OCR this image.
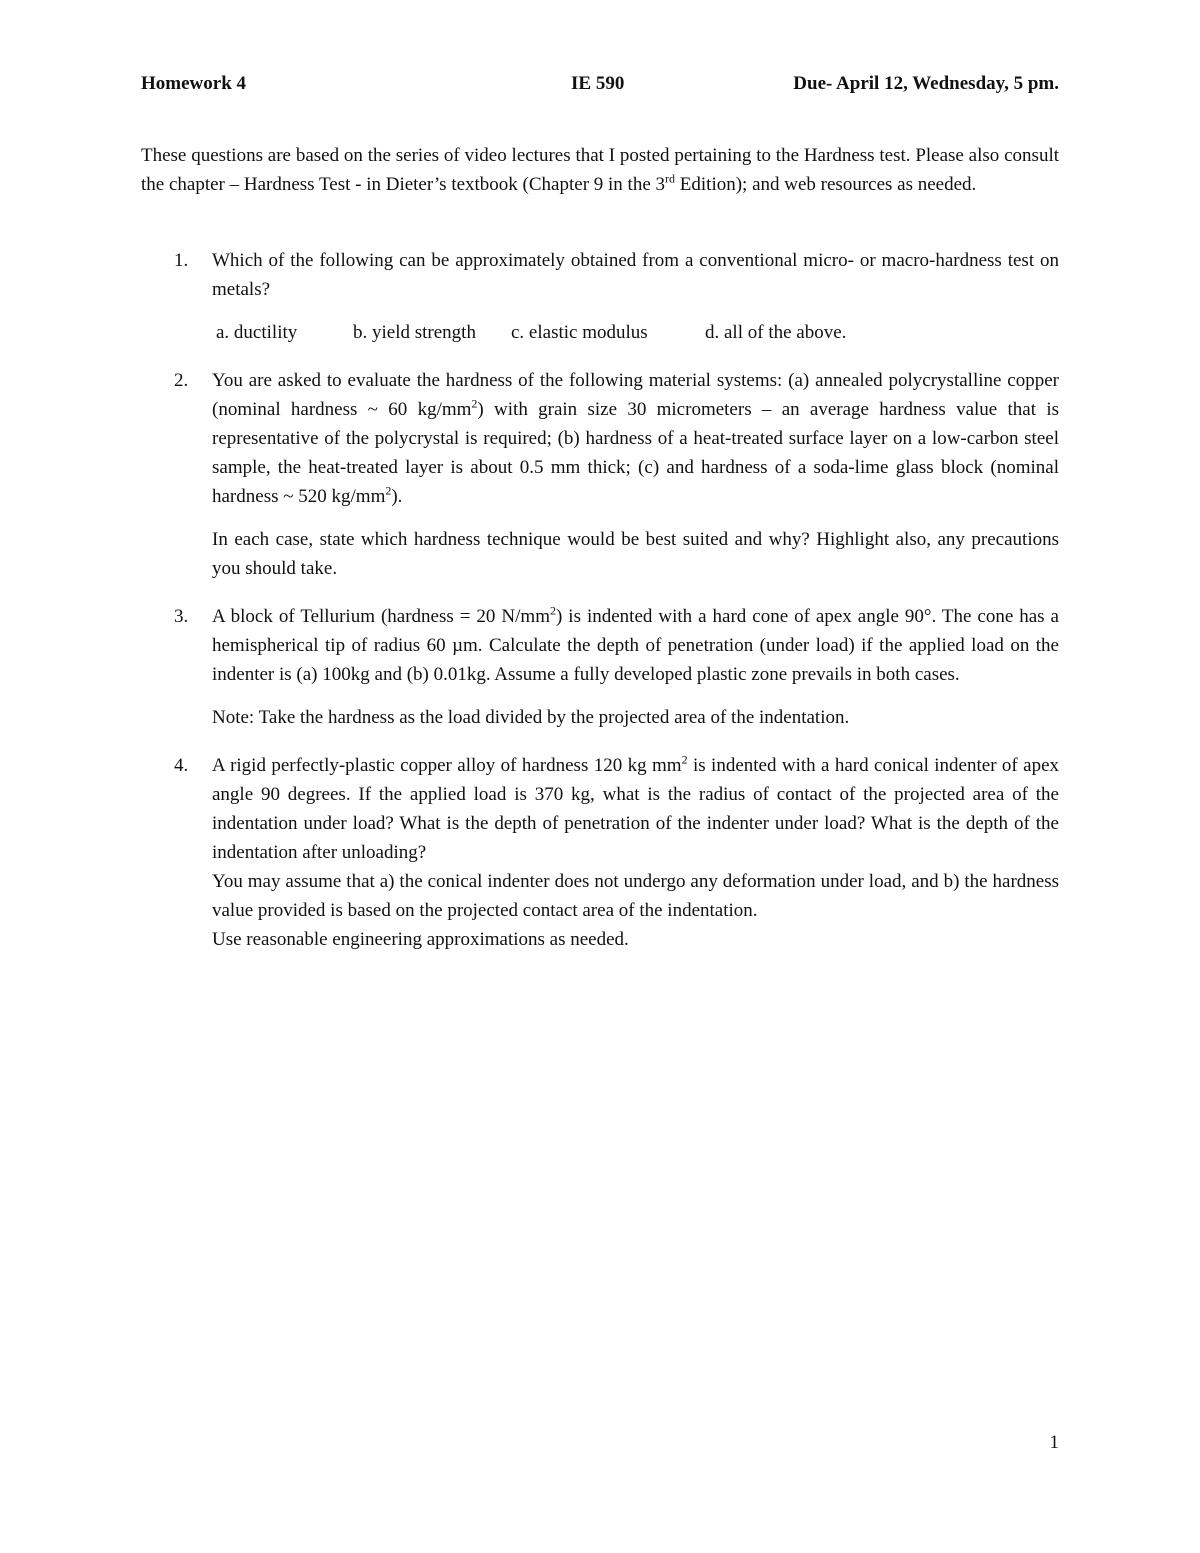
Homework 4	IE 590	Due- April 12, Wednesday, 5 pm.

These questions are based on the series of video lectures that I posted pertaining to the Hardness test. Please also consult the chapter – Hardness Test - in Dieter’s textbook (Chapter 9 in the 3rd Edition); and web resources as needed.

1. Which of the following can be approximately obtained from a conventional micro- or macro-hardness test on metals?

a. ductility	b. yield strength c. elastic modulus	d. all of the above.

2. You are asked to evaluate the hardness of the following material systems: (a) annealed polycrystalline copper (nominal hardness ~ 60 $kg/mm^2$) with grain size 30 micrometers – an average hardness value that is representative of the polycrystal is required; (b) hardness of a heat-treated surface layer on a low-carbon steel sample, the heat-treated layer is about 0.5 mm thick; (c) and hardness of a soda-lime glass block (nominal hardness ~ 520 $kg/mm^2$).

In each case, state which hardness technique would be best suited and why? Highlight also, any precautions you should take.

3. A block of Tellurium (hardness = 20 $N/mm^2$) is indented with a hard cone of apex angle 90°. The cone has a hemispherical tip of radius 60 µm. Calculate the depth of penetration (under load) if the applied load on the indenter is (a) 100kg and (b) 0.01kg. Assume a fully developed plastic zone prevails in both cases.

Note: Take the hardness as the load divided by the projected area of the indentation.

4. A rigid perfectly-plastic copper alloy of hardness 120 kg $mm^2$ is indented with a hard conical indenter of apex angle 90 degrees. If the applied load is 370 kg, what is the radius of contact of the projected area of the indentation under load? What is the depth of penetration of the indenter under load? What is the depth of the indentation after unloading?

You may assume that a) the conical indenter does not undergo any deformation under load, and b) the hardness value provided is based on the projected contact area of the indentation.

Use reasonable engineering approximations as needed.

1
